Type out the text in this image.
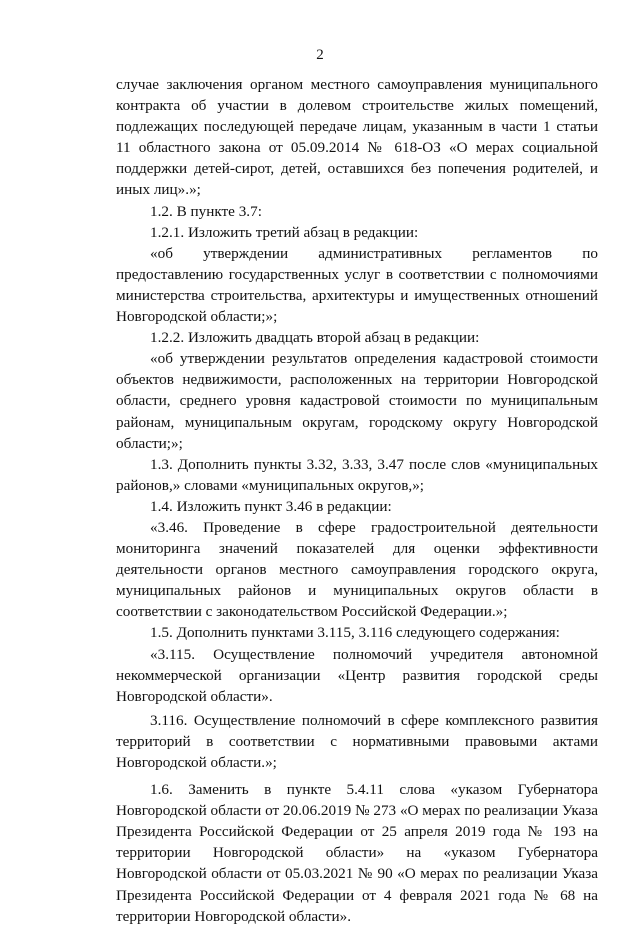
2

случае заключения органом местного самоуправления муниципального контракта об участии в долевом строительстве жилых помещений, подлежащих последующей передаче лицам, указанным в части 1 статьи 11 областного закона от 05.09.2014 № 618-ОЗ «О мерах социальной поддержки детей-сирот, детей, оставшихся без попечения родителей, и иных лиц».»;

1.2. В пункте 3.7:

1.2.1. Изложить третий абзац в редакции:

«об утверждении административных регламентов по предоставлению государственных услуг в соответствии с полномочиями министерства строительства, архитектуры и имущественных отношений Новгородской области;»;

1.2.2. Изложить двадцать второй абзац в редакции:

«об утверждении результатов определения кадастровой стоимости объектов недвижимости, расположенных на территории Новгородской области, среднего уровня кадастровой стоимости по муниципальным районам, муниципальным округам, городскому округу Новгородской области;»;

1.3. Дополнить пункты 3.32, 3.33, 3.47 после слов «муниципальных районов,» словами «муниципальных округов,»;

1.4. Изложить пункт 3.46 в редакции:

«3.46. Проведение в сфере градостроительной деятельности мониторинга значений показателей для оценки эффективности деятельности органов местного самоуправления городского округа, муниципальных районов и муниципальных округов области в соответствии с законодательством Российской Федерации.»;

1.5. Дополнить пунктами 3.115, 3.116 следующего содержания:

«3.115. Осуществление полномочий учредителя автономной некоммерческой организации «Центр развития городской среды Новгородской области».

3.116. Осуществление полномочий в сфере комплексного развития территорий в соответствии с нормативными правовыми актами Новгородской области.»;

1.6. Заменить в пункте 5.4.11 слова «указом Губернатора Новгородской области от 20.06.2019 № 273 «О мерах по реализации Указа Президента Российской Федерации от 25 апреля 2019 года № 193 на территории Новгородской области» на «указом Губернатора Новгородской области от 05.03.2021 № 90 «О мерах по реализации Указа Президента Российской Федерации от 4 февраля 2021 года № 68 на территории Новгородской области».
